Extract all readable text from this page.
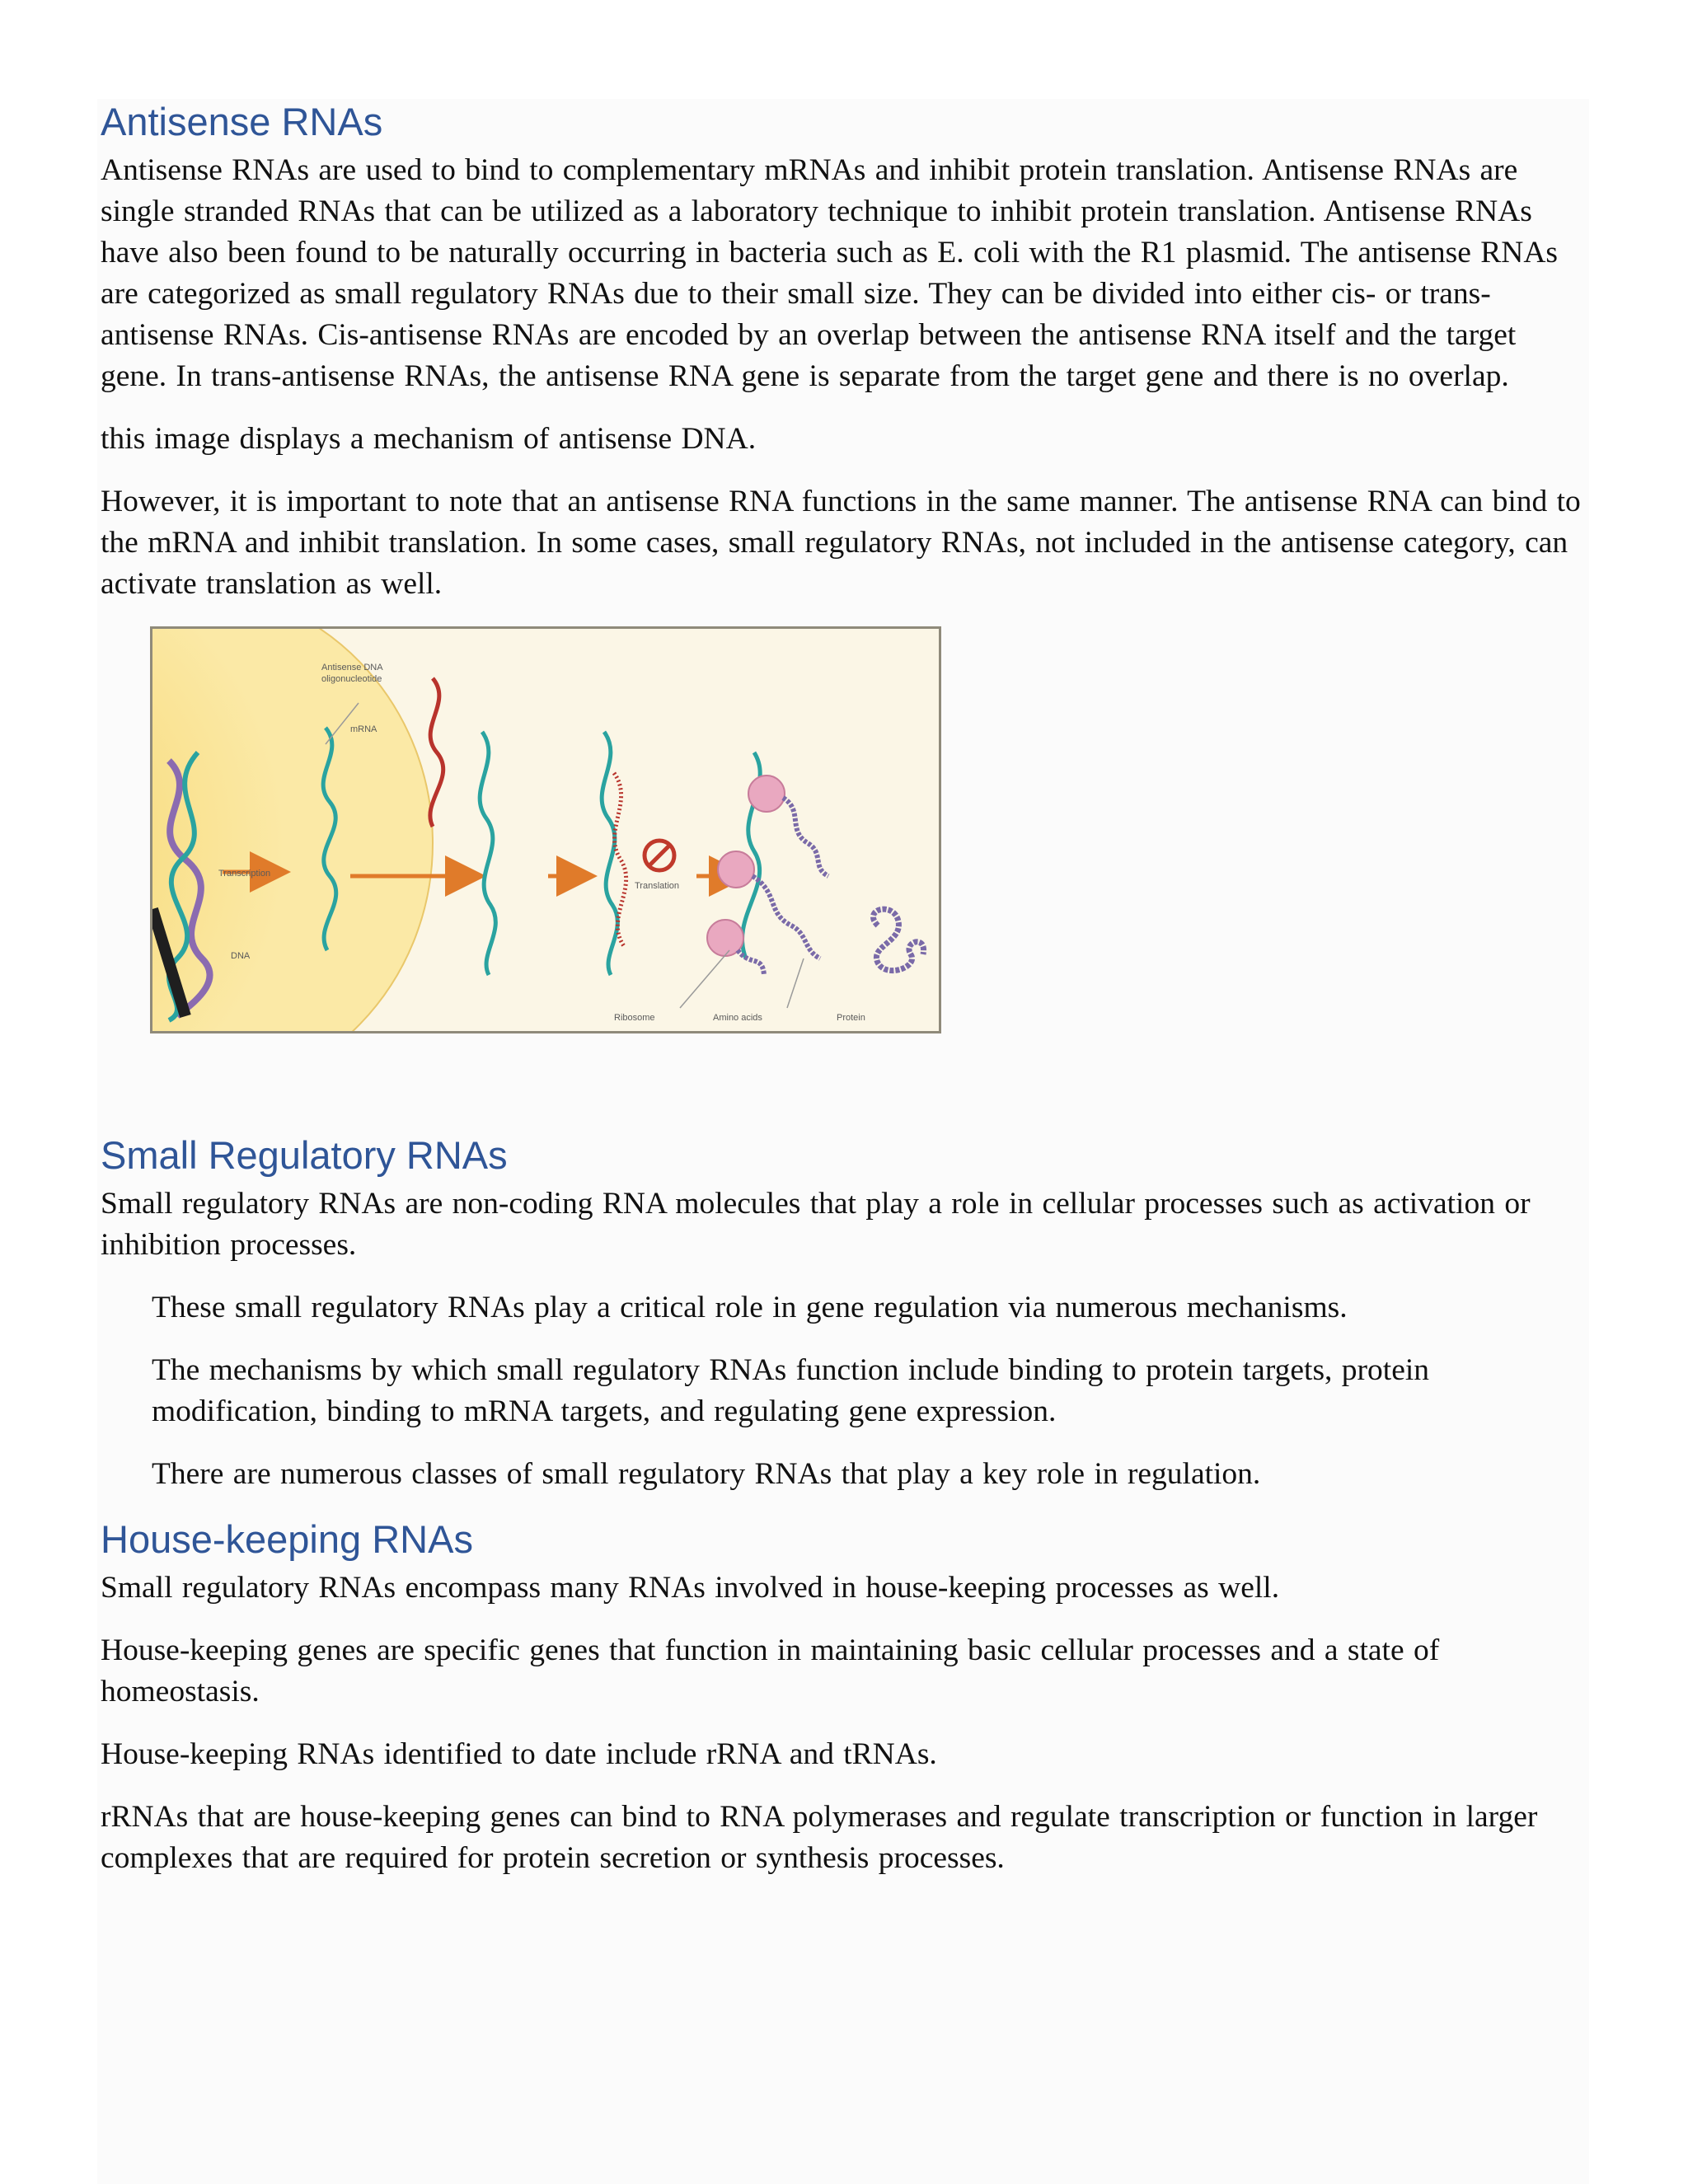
Antisense RNAs

Antisense RNAs are used to bind to complementary mRNAs and inhibit protein translation. Antisense RNAs are single stranded RNAs that can be utilized as a laboratory technique to inhibit protein translation. Antisense RNAs have also been found to be naturally occurring in bacteria such as E. coli with the R1 plasmid. The antisense RNAs are categorized as small regulatory RNAs due to their small size. They can be divided into either cis- or trans-antisense RNAs. Cis-antisense RNAs are encoded by an overlap between the antisense RNA itself and the target gene. In trans-antisense RNAs, the antisense RNA gene is separate from the target gene and there is no overlap.

this image displays a mechanism of antisense DNA.

However, it is important to note that an antisense RNA functions in the same manner. The antisense RNA can bind to the mRNA and inhibit translation. In some cases, small regulatory RNAs, not included in the antisense category, can activate translation as well.

Antisense DNA
oligonucleotide
mRNA
Transcription
DNA
Translation
Ribosome	Amino acids	Protein
Small Regulatory RNAs

Small regulatory RNAs are non-coding RNA molecules that play a role in cellular processes such as activation or inhibition processes.

These small regulatory RNAs play a critical role in gene regulation via numerous mechanisms.

The mechanisms by which small regulatory RNAs function include binding to protein targets, protein modification, binding to mRNA targets, and regulating gene expression.

There are numerous classes of small regulatory RNAs that play a key role in regulation.

House-keeping RNAs

Small regulatory RNAs encompass many RNAs involved in house-keeping processes as well.

House-keeping genes are specific genes that function in maintaining basic cellular processes and a state of homeostasis.

House-keeping RNAs identified to date include rRNA and tRNAs.

rRNAs that are house-keeping genes can bind to RNA polymerases and regulate transcription or function in larger complexes that are required for protein secretion or synthesis processes.
